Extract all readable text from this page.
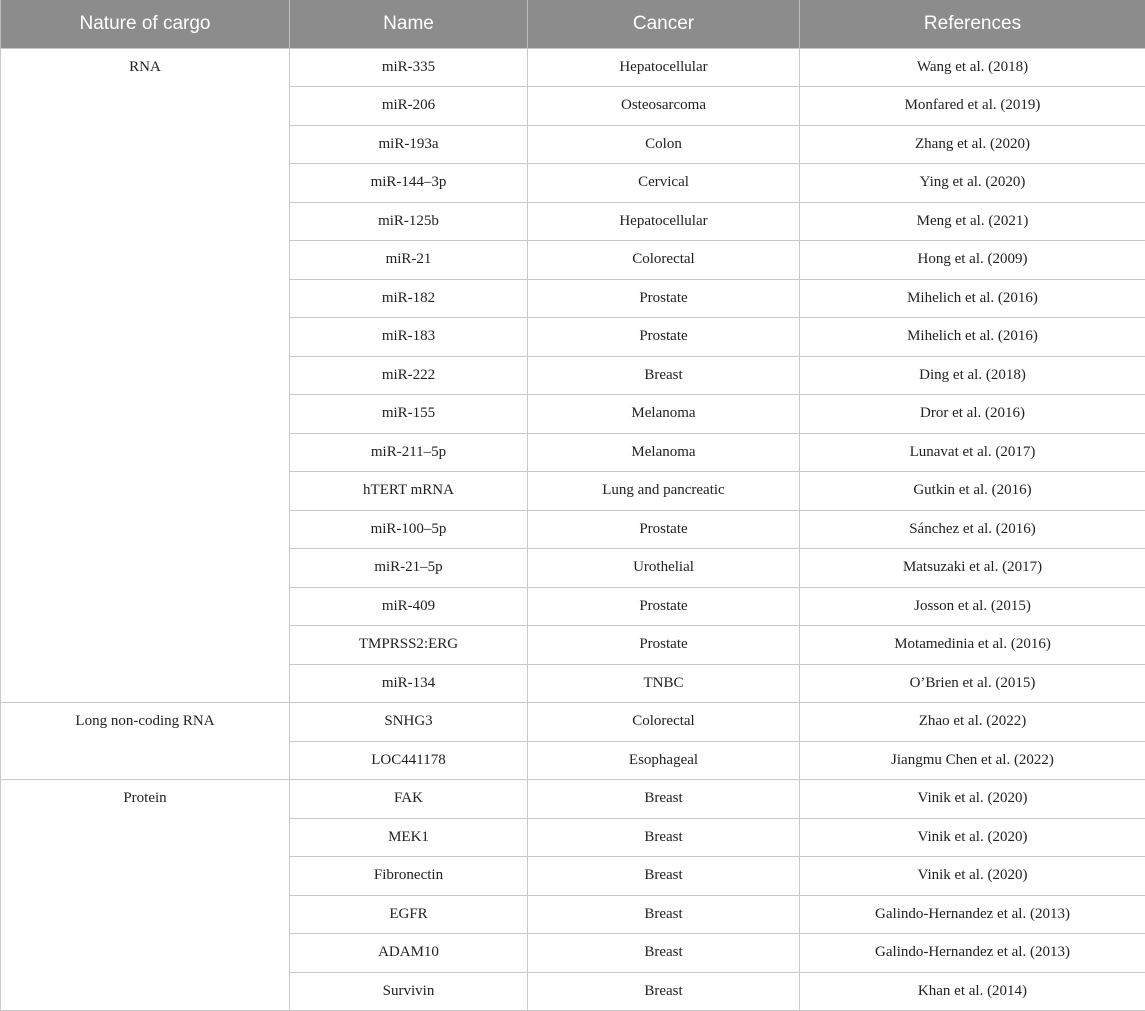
Nature of cargo	Name	Cancer	References
RNA	miR-335	Hepatocellular	Wang et al. (2018)
	miR-206	Osteosarcoma	Monfared et al. (2019)
	miR-193a	Colon	Zhang et al. (2020)
	miR-144–3p	Cervical	Ying et al. (2020)
	miR-125b	Hepatocellular	Meng et al. (2021)
	miR-21	Colorectal	Hong et al. (2009)
	miR-182	Prostate	Mihelich et al. (2016)
	miR-183	Prostate	Mihelich et al. (2016)
	miR-222	Breast	Ding et al. (2018)
	miR-155	Melanoma	Dror et al. (2016)
	miR-211–5p	Melanoma	Lunavat et al. (2017)
	hTERT mRNA	Lung and pancreatic	Gutkin et al. (2016)
	miR-100–5p	Prostate	Sánchez et al. (2016)
	miR-21–5p	Urothelial	Matsuzaki et al. (2017)
	miR-409	Prostate	Josson et al. (2015)
	TMPRSS2:ERG	Prostate	Motamedinia et al. (2016)
	miR-134	TNBC	O’Brien et al. (2015)
Long non-coding RNA	SNHG3	Colorectal	Zhao et al. (2022)
	LOC441178	Esophageal	Jiangmu Chen et al. (2022)
Protein	FAK	Breast	Vinik et al. (2020)
	MEK1	Breast	Vinik et al. (2020)
	Fibronectin	Breast	Vinik et al. (2020)
	EGFR	Breast	Galindo-Hernandez et al. (2013)
	ADAM10	Breast	Galindo-Hernandez et al. (2013)
	Survivin	Breast	Khan et al. (2014)
